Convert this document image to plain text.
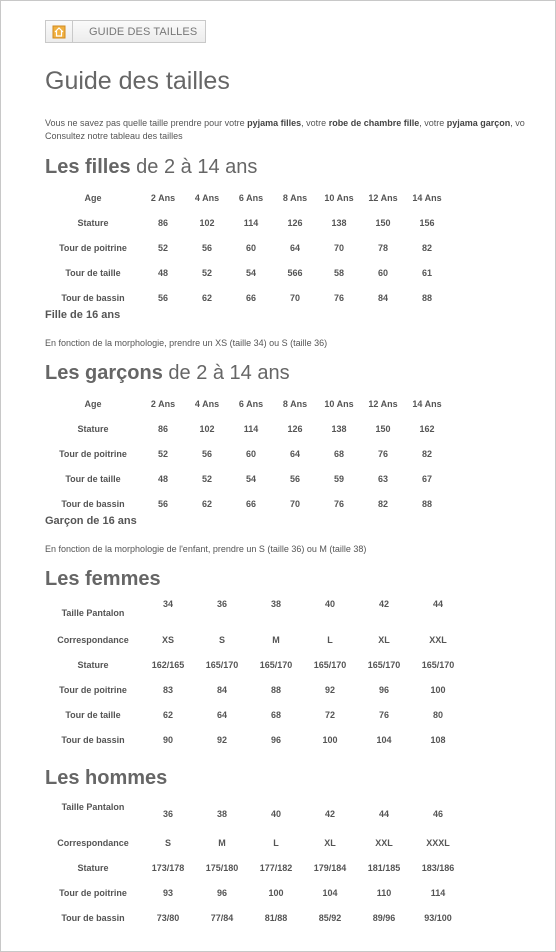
GUIDE DES TAILLES
Guide des tailles
Vous ne savez pas quelle taille prendre pour votre pyjama filles, votre robe de chambre fille, votre pyjama garçon, vo
Consultez notre tableau des tailles
Les filles de 2 à 14 ans
Age	2 Ans	4 Ans	6 Ans	8 Ans	10 Ans	12 Ans	14 Ans
Stature	86	102	114	126	138	150	156
Tour de poitrine	52	56	60	64	70	78	82
Tour de taille	48	52	54	566	58	60	61
Tour de bassin	56	62	66	70	76	84	88
Fille de 16 ans
En fonction de la morphologie, prendre un XS (taille 34) ou S (taille 36)
Les garçons de 2 à 14 ans
Age	2 Ans	4 Ans	6 Ans	8 Ans	10 Ans	12 Ans	14 Ans
Stature	86	102	114	126	138	150	162
Tour de poitrine	52	56	60	64	68	76	82
Tour de taille	48	52	54	56	59	63	67
Tour de bassin	56	62	66	70	76	82	88
Garçon de 16 ans
En fonction de la morphologie de l'enfant, prendre un S (taille 36) ou M (taille 38)
Les femmes
Taille Pantalon	34	36	38	40	42	44
Correspondance	XS	S	M	L	XL	XXL
Stature	162/165	165/170	165/170	165/170	165/170	165/170
Tour de poitrine	83	84	88	92	96	100
Tour de taille	62	64	68	72	76	80
Tour de bassin	90	92	96	100	104	108
Les hommes
Taille Pantalon	36	38	40	42	44	46
Correspondance	S	M	L	XL	XXL	XXXL
Stature	173/178	175/180	177/182	179/184	181/185	183/186
Tour de poitrine	93	96	100	104	110	114
Tour de bassin	73/80	77/84	81/88	85/92	89/96	93/100
